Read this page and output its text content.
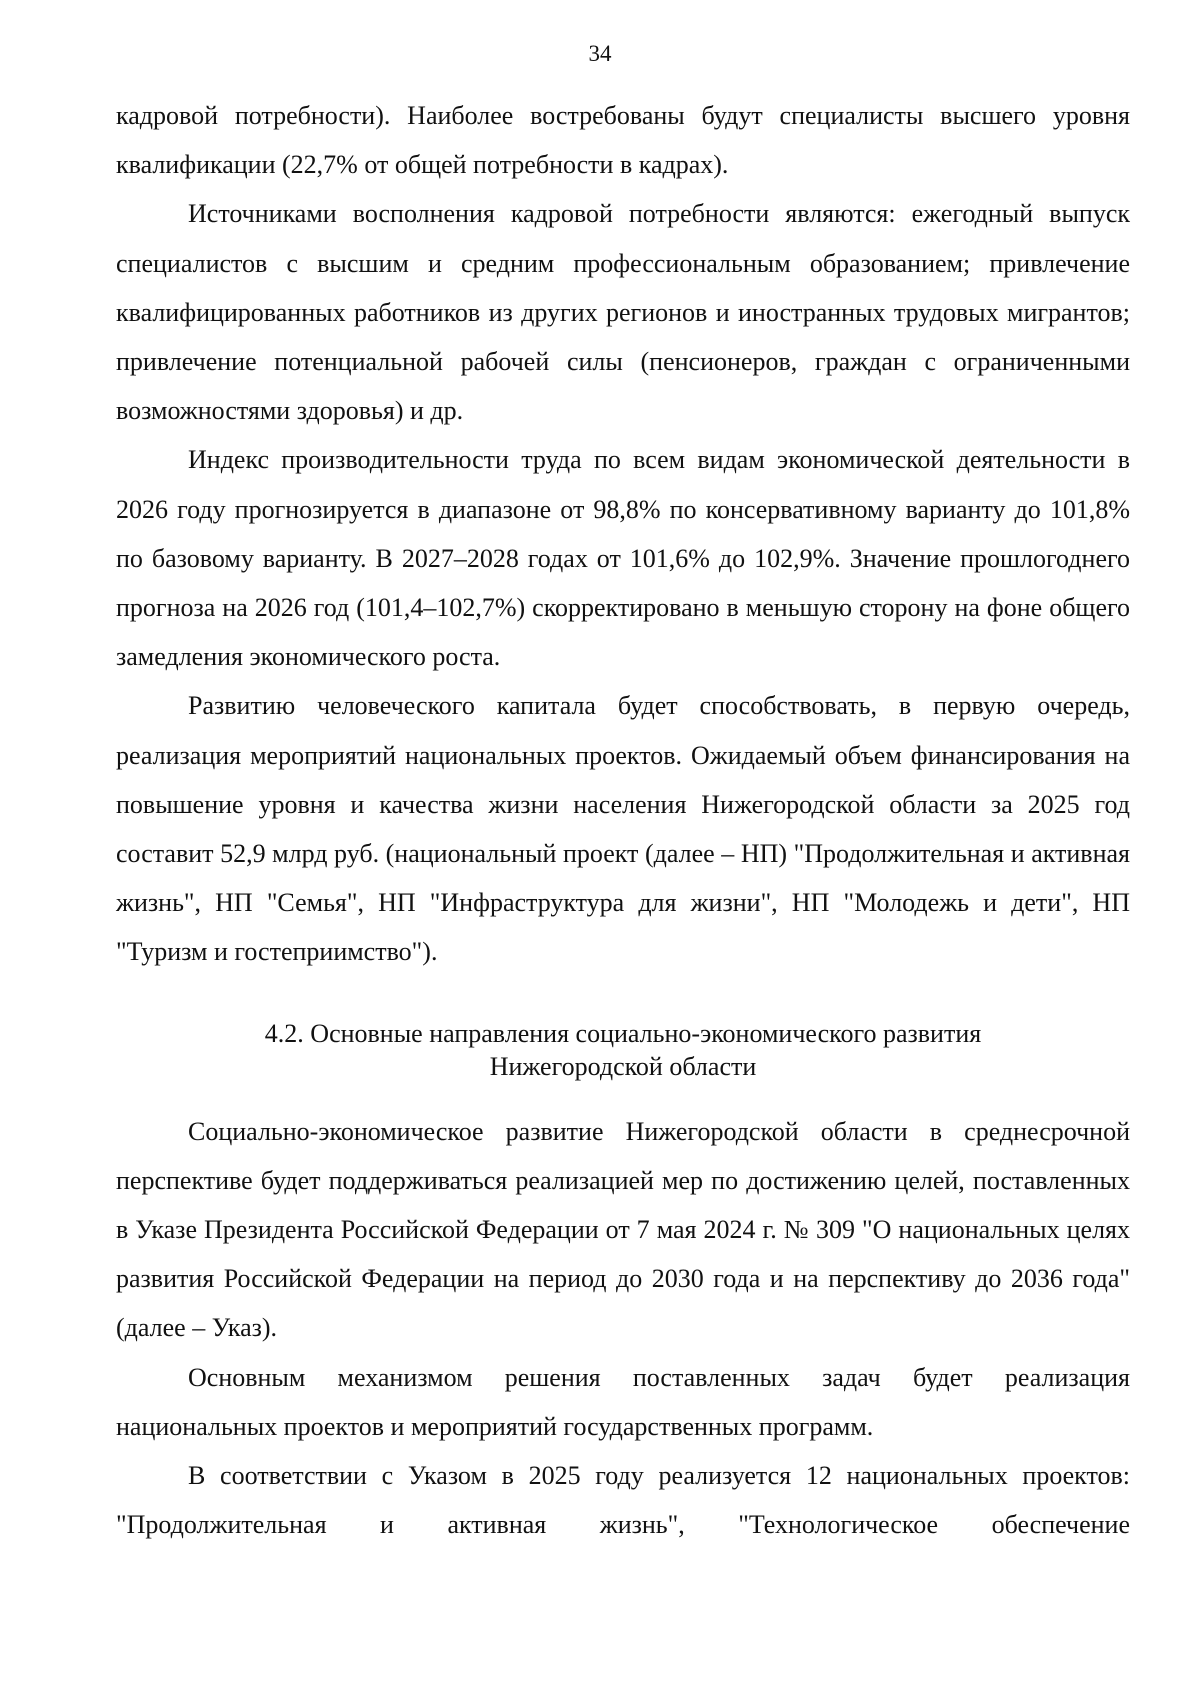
34

кадровой потребности). Наиболее востребованы будут специалисты высшего уровня квалификации (22,7% от общей потребности в кадрах).

Источниками восполнения кадровой потребности являются: ежегодный выпуск специалистов с высшим и средним профессиональным образованием; привлечение квалифицированных работников из других регионов и иностранных трудовых мигрантов; привлечение потенциальной рабочей силы (пенсионеров, граждан с ограниченными возможностями здоровья) и др.

Индекс производительности труда по всем видам экономической деятельности в 2026 году прогнозируется в диапазоне от 98,8% по консервативному варианту до 101,8% по базовому варианту. В 2027–2028 годах от 101,6% до 102,9%. Значение прошлогоднего прогноза на 2026 год (101,4–102,7%) скорректировано в меньшую сторону на фоне общего замедления экономического роста.

Развитию человеческого капитала будет способствовать, в первую очередь, реализация мероприятий национальных проектов. Ожидаемый объем финансирования на повышение уровня и качества жизни населения Нижегородской области за 2025 год составит 52,9 млрд руб. (национальный проект (далее – НП) "Продолжительная и активная жизнь", НП "Семья", НП "Инфраструктура для жизни", НП "Молодежь и дети", НП "Туризм и гостеприимство").

4.2. Основные направления социально-экономического развития
Нижегородской области

Социально-экономическое развитие Нижегородской области в среднесрочной перспективе будет поддерживаться реализацией мер по достижению целей, поставленных в Указе Президента Российской Федерации от 7 мая 2024 г. № 309 "О национальных целях развития Российской Федерации на период до 2030 года и на перспективу до 2036 года" (далее – Указ).

Основным механизмом решения поставленных задач будет реализация национальных проектов и мероприятий государственных программ.

В соответствии с Указом в 2025 году реализуется 12 национальных проектов: "Продолжительная и активная жизнь", "Технологическое обеспечение
